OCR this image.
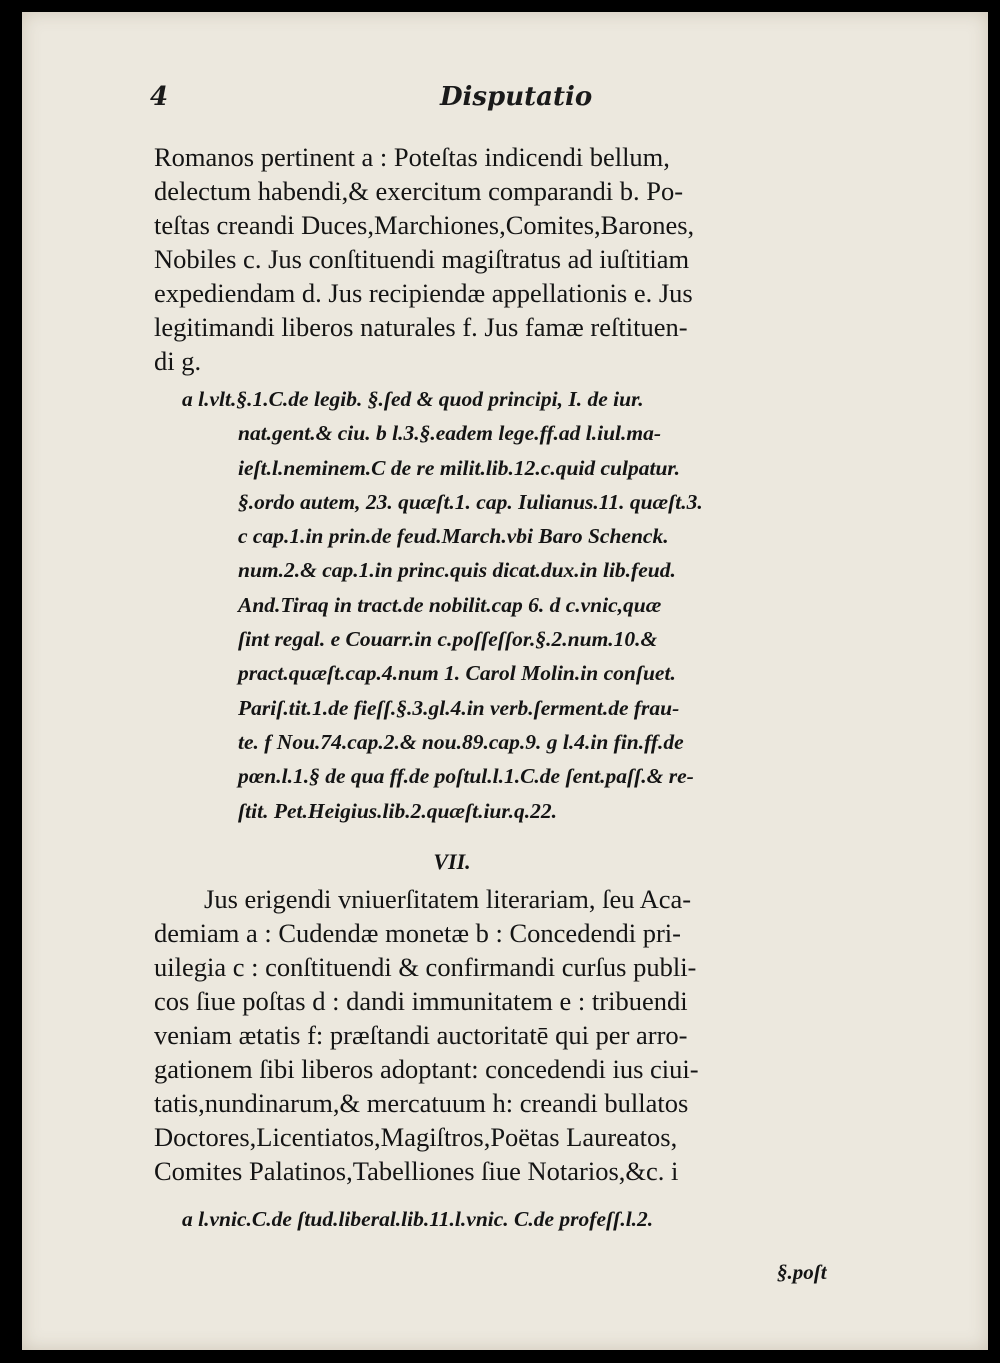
4	Disputatio
Romanos pertinent a : Poteſtas indicendi bellum,
delectum habendi,& exercitum comparandi b. Po-
teſtas creandi Duces,Marchiones,Comites,Barones,
Nobiles c. Jus conſtituendi magiſtratus ad iuſtitiam
expediendam d. Jus recipiendæ appellationis e. Jus
legitimandi liberos naturales f. Jus famæ reſtituen-
di g.
a l.vlt.§.1.C.de legib. §.ſed & quod principi, I. de iur.
nat.gent.& ciu. b l.3.§.eadem lege.ff.ad l.iul.ma-
ieſt.l.neminem.C de re milit.lib.12.c.quid culpatur.
§.ordo autem, 23. quæſt.1. cap. Iulianus.11. quæſt.3.
c cap.1.in prin.de feud.March.vbi Baro Schenck.
num.2.& cap.1.in princ.quis dicat.dux.in lib.feud.
And.Tiraq in tract.de nobilit.cap 6. d c.vnic,quæ
ſint regal. e Couarr.in c.poſſeſſor.§.2.num.10.&
pract.quæſt.cap.4.num 1. Carol Molin.in conſuet.
Pariſ.tit.1.de fieſſ.§.3.gl.4.in verb.ſerment.de frau-
te. f Nou.74.cap.2.& nou.89.cap.9. g l.4.in fin.ff.de
pœn.l.1.§ de qua ff.de poſtul.l.1.C.de ſent.paſſ.& re-
ſtit. Pet.Heigius.lib.2.quæſt.iur.q.22.
VII.
Jus erigendi vniuerſitatem literariam, ſeu Aca-
demiam a : Cudendæ monetæ b : Concedendi pri-
uilegia c : conſtituendi & confirmandi curſus publi-
cos ſiue poſtas d : dandi immunitatem e : tribuendi
veniam ætatis f: præſtandi auctoritatē qui per arro-
gationem ſibi liberos adoptant: concedendi ius ciui-
tatis,nundinarum,& mercatuum h: creandi bullatos
Doctores,Licentiatos,Magiſtros,Poëtas Laureatos,
Comites Palatinos,Tabelliones ſiue Notarios,&c. i
a l.vnic.C.de ſtud.liberal.lib.11.l.vnic. C.de profeſſ.l.2.
§.poſt
